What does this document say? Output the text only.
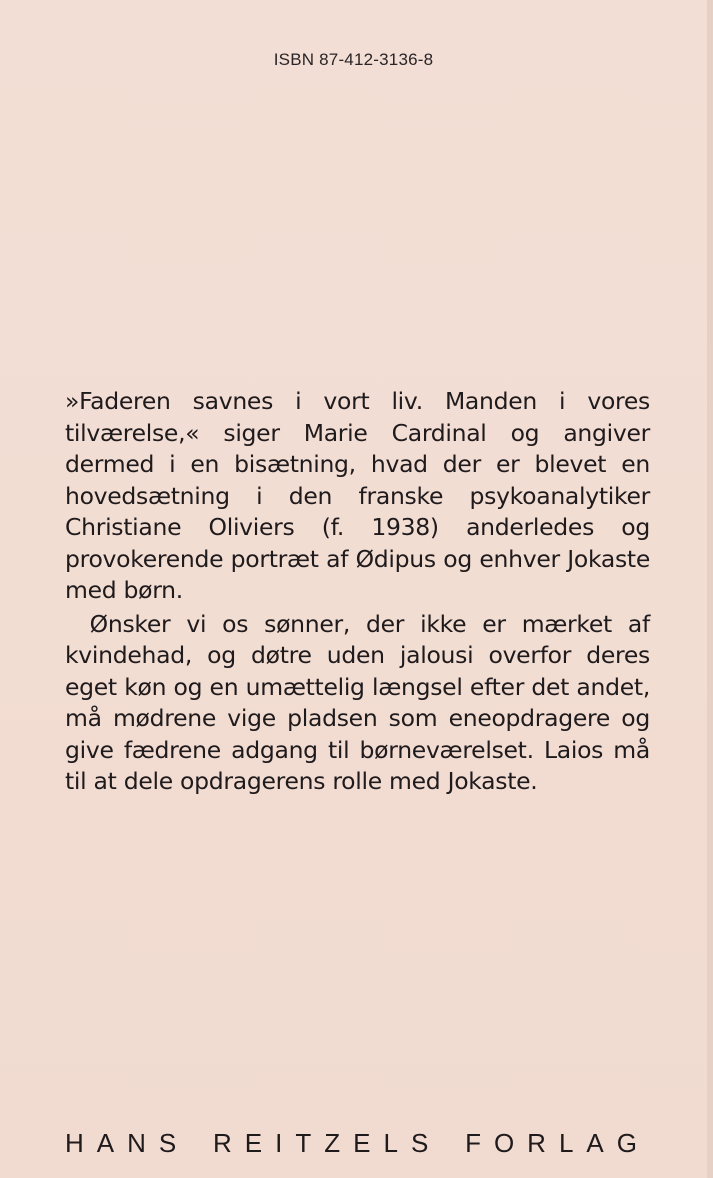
ISBN 87-412-3136-8

»Faderen savnes i vort liv. Manden i vores tilværelse,« siger Marie Cardinal og angiver dermed i en bisætning, hvad der er blevet en hovedsætning i den franske psykoanalytiker Christiane Oliviers (f. 1938) anderledes og provokerende portræt af Ødipus og enhver Jokaste med børn.

Ønsker vi os sønner, der ikke er mærket af kvindehad, og døtre uden jalousi overfor deres eget køn og en umættelig længsel efter det andet, må mødrene vige pladsen som eneopdragere og give fædrene adgang til børneværelset. Laios må til at dele opdragerens rolle med Jokaste.

HANS REITZELS FORLAG
